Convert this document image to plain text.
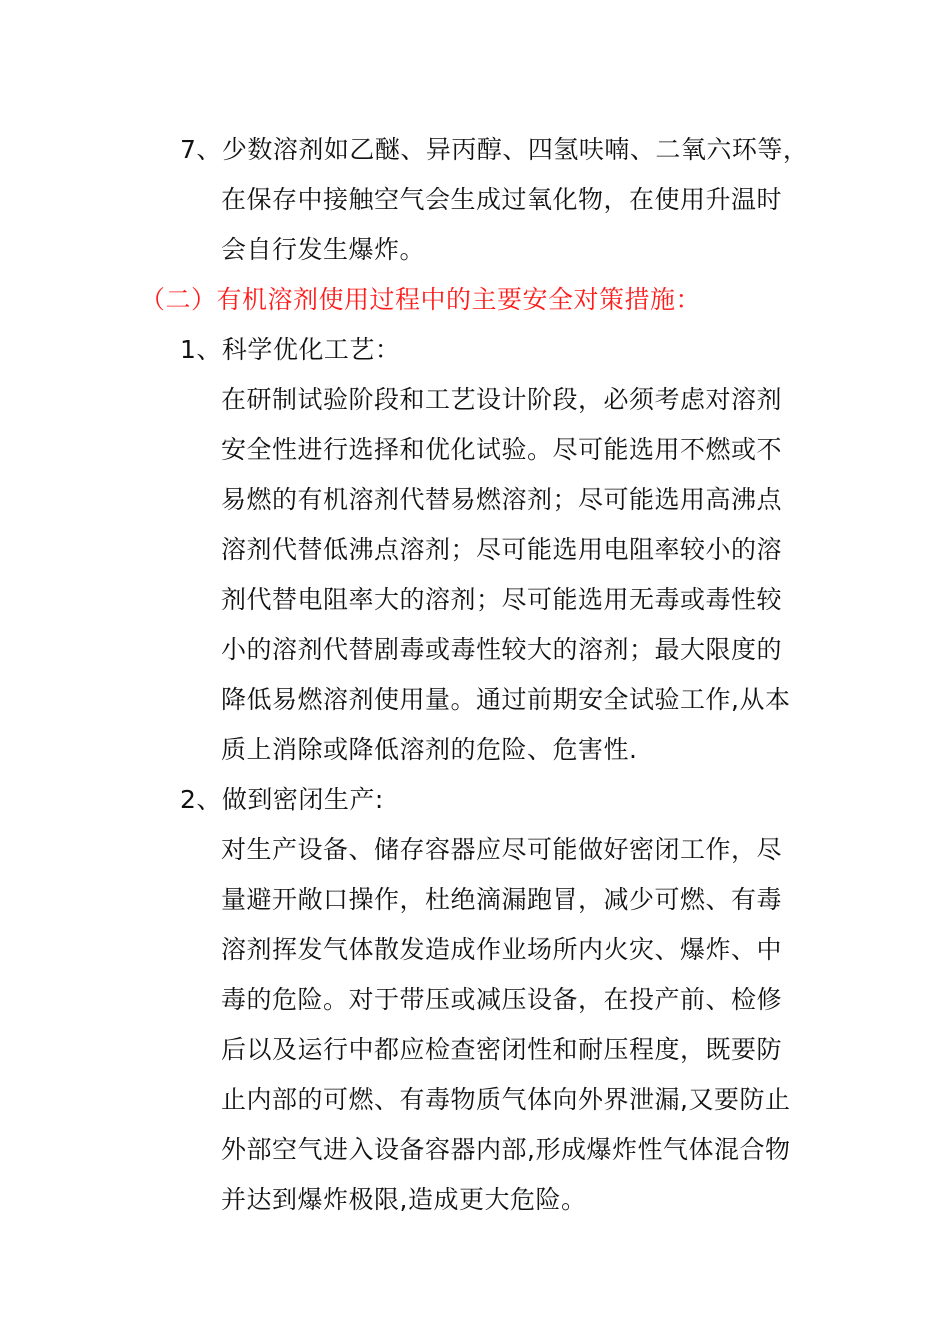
7、少数溶剂如乙醚、异丙醇、四氢呋喃、二氧六环等，
在保存中接触空气会生成过氧化物，在使用升温时
会自行发生爆炸。
（二）有机溶剂使用过程中的主要安全对策措施：
1、科学优化工艺：
在研制试验阶段和工艺设计阶段，必须考虑对溶剂
安全性进行选择和优化试验。尽可能选用不燃或不
易燃的有机溶剂代替易燃溶剂；尽可能选用高沸点
溶剂代替低沸点溶剂；尽可能选用电阻率较小的溶
剂代替电阻率大的溶剂；尽可能选用无毒或毒性较
小的溶剂代替剧毒或毒性较大的溶剂；最大限度的
降低易燃溶剂使用量。通过前期安全试验工作,从本
质上消除或降低溶剂的危险、危害性.
2、做到密闭生产:
对生产设备、储存容器应尽可能做好密闭工作，尽
量避开敞口操作，杜绝滴漏跑冒，减少可燃、有毒
溶剂挥发气体散发造成作业场所内火灾、爆炸、中
毒的危险。对于带压或减压设备，在投产前、检修
后以及运行中都应检查密闭性和耐压程度，既要防
止内部的可燃、有毒物质气体向外界泄漏,又要防止
外部空气进入设备容器内部,形成爆炸性气体混合物
并达到爆炸极限,造成更大危险。
